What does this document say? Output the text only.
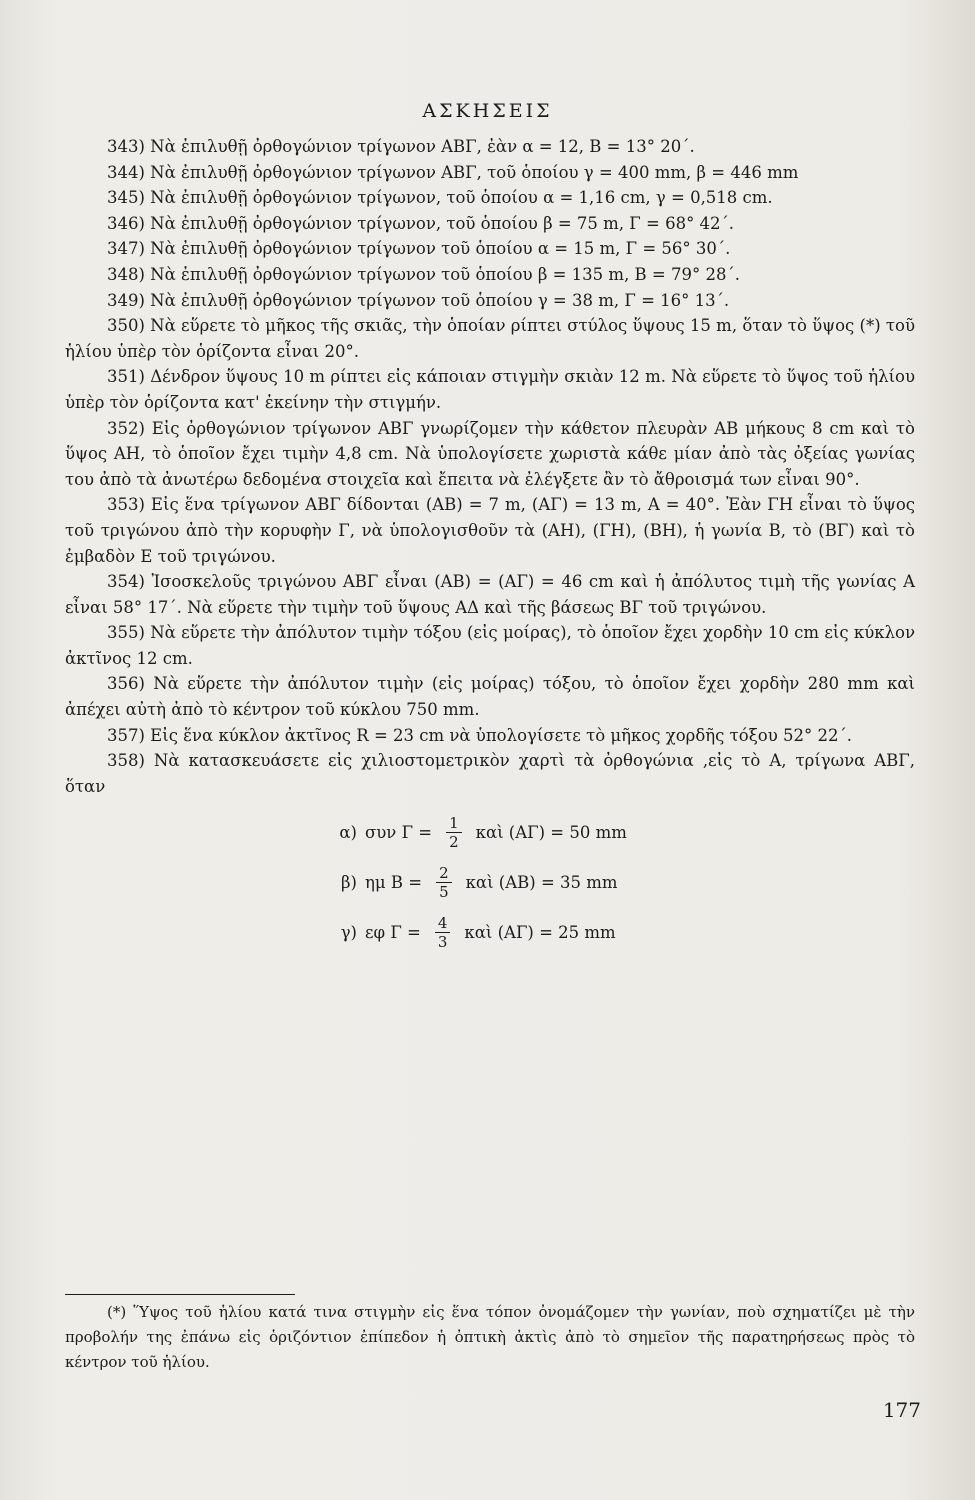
ΑΣΚΗΣΕΙΣ

343) Νὰ ἐπιλυθῇ ὀρθογώνιον τρίγωνον ΑΒΓ, ἐὰν α = 12, Β = 13° 20΄.

344) Νὰ ἐπιλυθῇ ὀρθογώνιον τρίγωνον ΑΒΓ, τοῦ ὁποίου γ = 400 mm, β = 446 mm

345) Νὰ ἐπιλυθῇ ὀρθογώνιον τρίγωνον, τοῦ ὁποίου α = 1,16 cm, γ = 0,518 cm.

346) Νὰ ἐπιλυθῇ ὀρθογώνιον τρίγωνον, τοῦ ὁποίου β = 75 m, Γ = 68° 42΄.

347) Νὰ ἐπιλυθῇ ὀρθογώνιον τρίγωνον τοῦ ὁποίου α = 15 m, Γ = 56° 30΄.

348) Νὰ ἐπιλυθῇ ὀρθογώνιον τρίγωνον τοῦ ὁποίου β = 135 m, Β = 79° 28΄.

349) Νὰ ἐπιλυθῇ ὀρθογώνιον τρίγωνον τοῦ ὁποίου γ = 38 m, Γ = 16° 13΄.

350) Νὰ εὕρετε τὸ μῆκος τῆς σκιᾶς, τὴν ὁποίαν ρίπτει στύλος ὕψους 15 m, ὅταν τὸ ὕψος (*) τοῦ ἡλίου ὑπὲρ τὸν ὁρίζοντα εἶναι 20°.

351) Δένδρον ὕψους 10 m ρίπτει εἰς κάποιαν στιγμὴν σκιὰν 12 m. Νὰ εὕρετε τὸ ὕψος τοῦ ἡλίου ὑπὲρ τὸν ὁρίζοντα κατ' ἐκείνην τὴν στιγμήν.

352) Εἰς ὀρθογώνιον τρίγωνον ΑΒΓ γνωρίζομεν τὴν κάθετον πλευρὰν ΑΒ μήκους 8 cm καὶ τὸ ὕψος ΑΗ, τὸ ὁποῖον ἔχει τιμὴν 4,8 cm. Νὰ ὑπολογίσετε χωριστὰ κάθε μίαν ἀπὸ τὰς ὀξείας γωνίας του ἀπὸ τὰ ἀνωτέρω δεδομένα στοιχεῖα καὶ ἔπειτα νὰ ἐλέγξετε ἂν τὸ ἄθροισμά των εἶναι 90°.

353) Εἰς ἕνα τρίγωνον ΑΒΓ δίδονται (ΑΒ) = 7 m, (ΑΓ) = 13 m, Α = 40°. Ἐὰν ΓΗ εἶναι τὸ ὕψος τοῦ τριγώνου ἀπὸ τὴν κορυφὴν Γ, νὰ ὑπολογισθοῦν τὰ (ΑΗ), (ΓΗ), (ΒΗ), ἡ γωνία Β, τὸ (ΒΓ) καὶ τὸ ἐμβαδὸν Ε τοῦ τριγώνου.

354) Ἰσοσκελοῦς τριγώνου ΑΒΓ εἶναι (ΑΒ) = (ΑΓ) = 46 cm καὶ ἡ ἀπόλυτος τιμὴ τῆς γωνίας Α εἶναι 58° 17΄. Νὰ εὕρετε τὴν τιμὴν τοῦ ὕψους ΑΔ καὶ τῆς βάσεως ΒΓ τοῦ τριγώνου.

355) Νὰ εὕρετε τὴν ἀπόλυτον τιμὴν τόξου (εἰς μοίρας), τὸ ὁποῖον ἔχει χορδὴν 10 cm εἰς κύκλον ἀκτῖνος 12 cm.

356) Νὰ εὕρετε τὴν ἀπόλυτον τιμὴν (εἰς μοίρας) τόξου, τὸ ὁποῖον ἔχει χορδὴν 280 mm καὶ ἀπέχει αὐτὴ ἀπὸ τὸ κέντρον τοῦ κύκλου 750 mm.

357) Εἰς ἕνα κύκλον ἀκτῖνος R = 23 cm νὰ ὑπολογίσετε τὸ μῆκος χορδῆς τόξου 52° 22΄.

358) Νὰ κατασκευάσετε εἰς χιλιοστομετρικὸν χαρτὶ τὰ ὀρθογώνια ,εἰς τὸ Α, τρίγωνα ΑΒΓ, ὅταν

α) συν $\Gamma = \frac{1}{2}$ καὶ (ΑΓ) = 50 mm
β) ημ $B = \frac{2}{5}$ καὶ (ΑΒ) = 35 mm
γ) εφ $\Gamma = \frac{4}{3}$ καὶ (ΑΓ) = 25 mm

(*) Ὕψος τοῦ ἡλίου κατά τινα στιγμὴν εἰς ἕνα τόπον ὀνομάζομεν τὴν γωνίαν, ποὺ σχηματίζει μὲ τὴν προβολήν της ἐπάνω εἰς ὁριζόντιον ἐπίπεδον ἡ ὀπτικὴ ἀκτὶς ἀπὸ τὸ σημεῖον τῆς παρατηρήσεως πρὸς τὸ κέντρον τοῦ ἡλίου.

177
